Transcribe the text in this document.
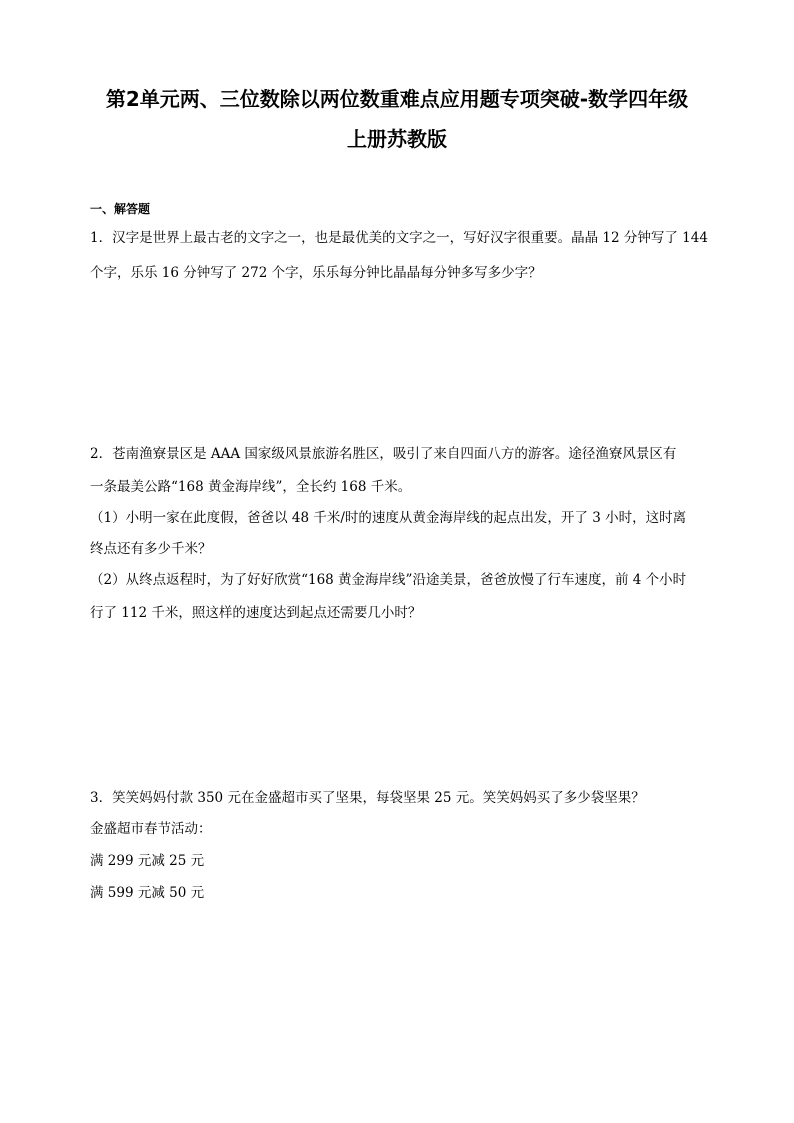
第2单元两、三位数除以两位数重难点应用题专项突破-数学四年级
上册苏教版
一、解答题

1．汉字是世界上最古老的文字之一，也是最优美的文字之一，写好汉字很重要。晶晶 12 分钟写了 144

个字，乐乐 16 分钟写了 272 个字，乐乐每分钟比晶晶每分钟多写多少字？

2．苍南渔寮景区是 AAA 国家级风景旅游名胜区，吸引了来自四面八方的游客。途径渔寮风景区有

一条最美公路“168 黄金海岸线”，全长约 168 千米。

（1）小明一家在此度假，爸爸以 48 千米/时的速度从黄金海岸线的起点出发，开了 3 小时，这时离

终点还有多少千米？

（2）从终点返程时，为了好好欣赏“168 黄金海岸线”沿途美景，爸爸放慢了行车速度，前 4 个小时

行了 112 千米，照这样的速度达到起点还需要几小时？

3．笑笑妈妈付款 350 元在金盛超市买了坚果，每袋坚果 25 元。笑笑妈妈买了多少袋坚果？

金盛超市春节活动：

满 299 元减 25 元

满 599 元减 50 元
